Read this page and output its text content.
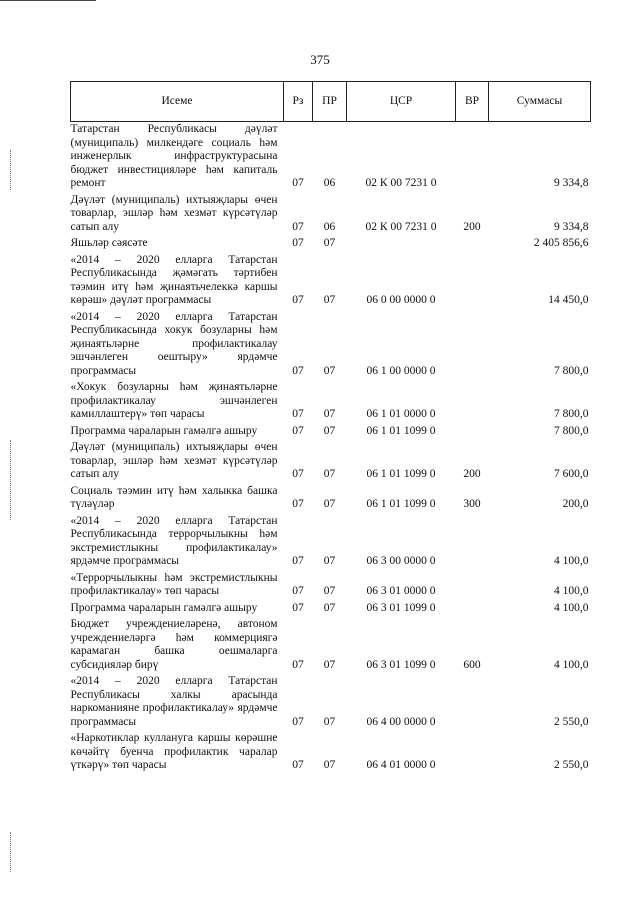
375
Исеме	Рз	ПР	ЦСР	ВР	Суммасы
Татарстан Республикасы дәүләт (муниципаль) милкендәге социаль һәм инженерлык инфраструктурасына бюджет инвестицияләре һәм капиталь ремонт	07	06	02 К 00 7231 0		9 334,8
Дәүләт (муниципаль) ихтыяҗлары өчен товарлар, эшләр һәм хезмәт күрсәтүләр сатып алу	07	06	02 К 00 7231 0	200	9 334,8
Яшьләр сәясәте	07	07			2 405 856,6
«2014 – 2020 елларга Татарстан Республикасында җәмәгать тәртибен тәэмин итү һәм җинаятьчелеккә каршы көрәш» дәүләт программасы	07	07	06 0 00 0000 0		14 450,0
«2014 – 2020 елларга Татарстан Республикасында хокук бозуларны һәм җинаятьләрне профилактикалау эшчәнлеген оештыру» ярдәмче программасы	07	07	06 1 00 0000 0		7 800,0
«Хокук бозуларны һәм җинаятьләрне профилактикалау эшчәнлеген камиллаштерү» төп чарасы	07	07	06 1 01 0000 0		7 800,0
Программа чараларын гамәлгә ашыру	07	07	06 1 01 1099 0		7 800,0
Дәүләт (муниципаль) ихтыяҗлары өчен товарлар, эшләр һәм хезмәт күрсәтүләр сатып алу	07	07	06 1 01 1099 0	200	7 600,0
Социаль тәэмин итү һәм халыкка башка түләүләр	07	07	06 1 01 1099 0	300	200,0
«2014 – 2020 елларга Татарстан Республикасында террорчылыкны һәм экстремистлыкны профилактикалау» ярдәмче программасы	07	07	06 3 00 0000 0		4 100,0
«Террорчылыкны һәм экстремистлыкны профилактикалау» төп чарасы	07	07	06 3 01 0000 0		4 100,0
Программа чараларын гамәлгә ашыру	07	07	06 3 01 1099 0		4 100,0
Бюджет учреждениеләренә, автоном учреждениеләргә һәм коммерциягә карамаган башка оешмаларга субсидияләр бирү	07	07	06 3 01 1099 0	600	4 100,0
«2014 – 2020 елларга Татарстан Республикасы халкы арасында наркоманияне профилактикалау» ярдәмче программасы	07	07	06 4 00 0000 0		2 550,0
«Наркотиклар кулланугa каршы көрәшне көчәйтү буенча профилактик чаралар үткәрү» төп чарасы	07	07	06 4 01 0000 0		2 550,0
